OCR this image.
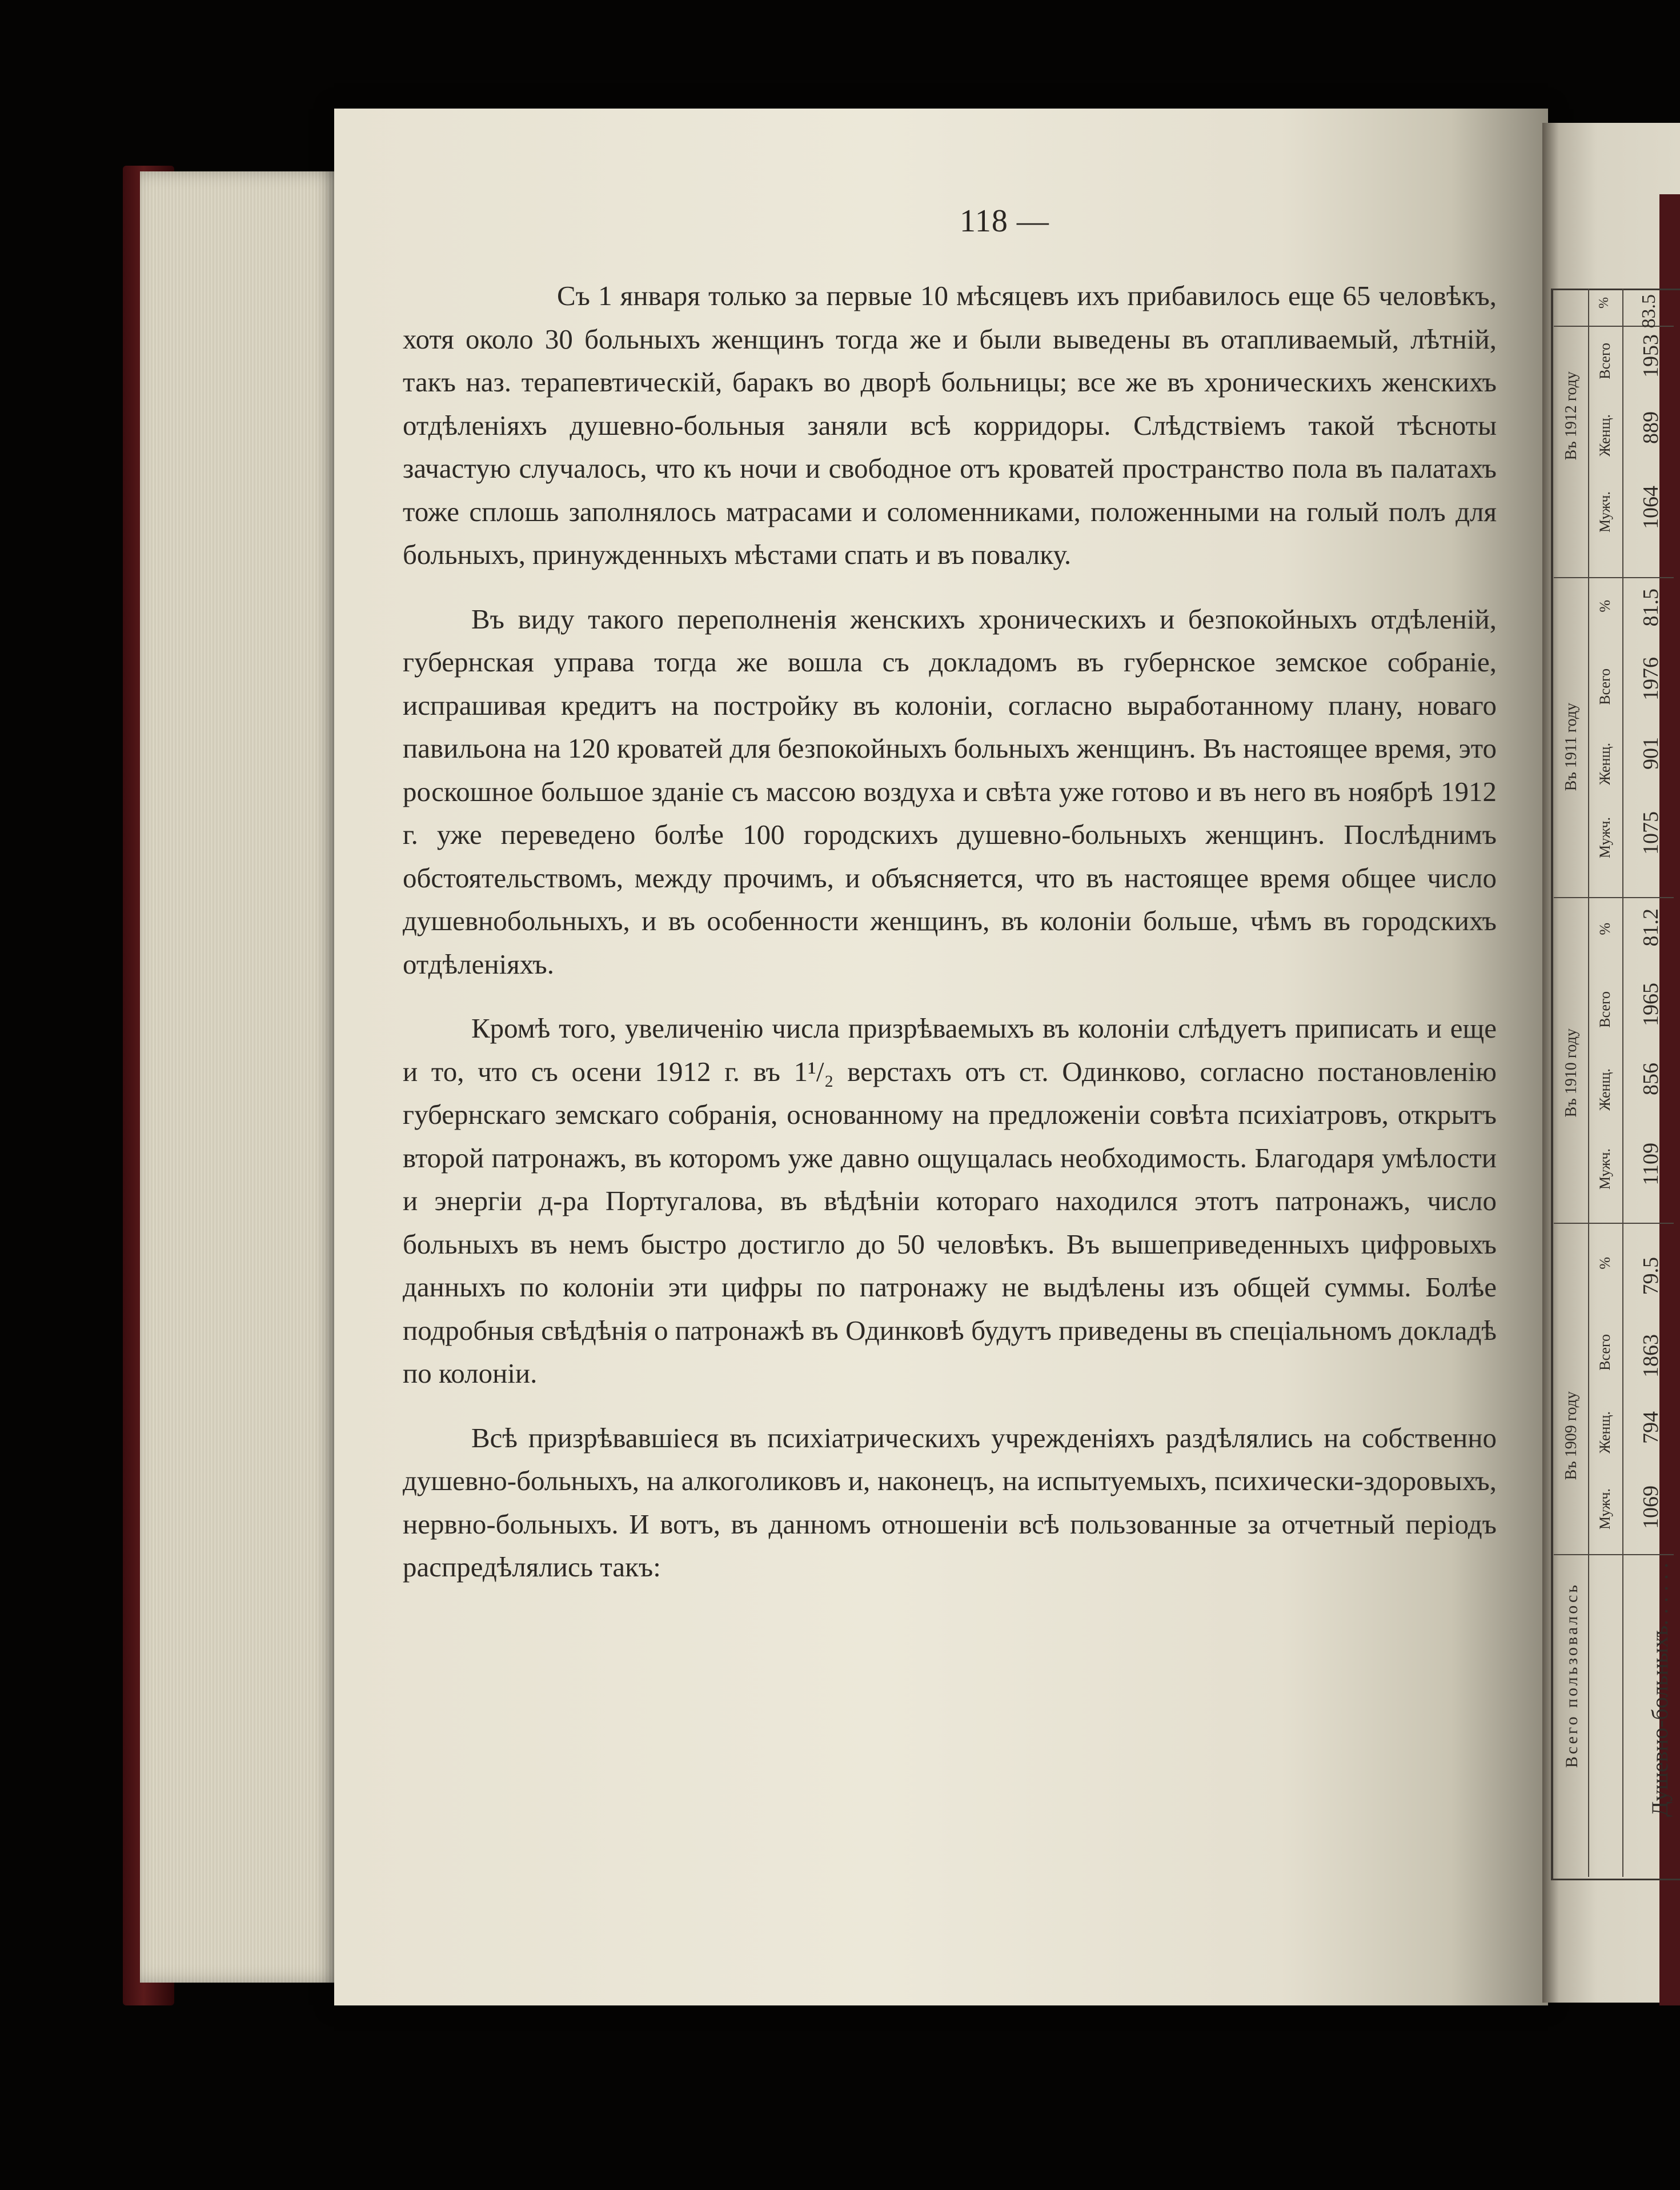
118 —

Съ 1 января только за первые 10 мѣсяцевъ ихъ прибавилось еще 65 человѣкъ, хотя около 30 больныхъ женщинъ тогда же и были выведены въ отапливаемый, лѣтній, такъ наз. терапевтическій, баракъ во дворѣ больницы; все же въ хроническихъ женскихъ отдѣленіяхъ душевно-больныя заняли всѣ корридоры. Слѣдствіемъ такой тѣсноты зачастую случалось, что къ ночи и свободное отъ кроватей пространство пола въ палатахъ тоже сплошь заполнялось матрасами и соломенниками, положенными на голый полъ для больныхъ, принужденныхъ мѣстами спать и въ повалку.

Въ виду такого переполненія женскихъ хроническихъ и безпокойныхъ отдѣленій, губернская управа тогда же вошла съ докладомъ въ губернское земское собраніе, испрашивая кредитъ на постройку въ колоніи, согласно выработанному плану, новаго павильона на 120 кроватей для безпокойныхъ больныхъ женщинъ. Въ настоящее время, это роскошное большое зданіе съ массою воздуха и свѣта уже готово и въ него въ ноябрѣ 1912 г. уже переведено болѣе 100 городскихъ душевно-больныхъ женщинъ. Послѣднимъ обстоятельствомъ, между прочимъ, и объясняется, что въ настоящее время общее число душевнобольныхъ, и въ особенности женщинъ, въ колоніи больше, чѣмъ въ городскихъ отдѣленіяхъ.

Кромѣ того, увеличенію числа призрѣваемыхъ въ колоніи слѣдуетъ приписать и еще и то, что съ осени 1912 г. въ 1¹/₂ верстахъ отъ ст. Одинково, согласно постановленію губернскаго земскаго собранія, основанному на предложеніи совѣта психіатровъ, открытъ второй патронажъ, въ которомъ уже давно ощущалась необходимость. Благодаря умѣлости и энергіи д-ра Португалова, въ вѣдѣніи котораго находился этотъ патронажъ, число больныхъ въ немъ быстро достигло до 50 человѣкъ. Въ вышеприведенныхъ цифровыхъ данныхъ по колоніи эти цифры по патронажу не выдѣлены изъ общей суммы. Болѣе подробныя свѣдѣнія о патронажѣ въ Одинковѣ будутъ приведены въ спеціальномъ докладѣ по колоніи.

Всѣ призрѣвавшіеся въ психіатрическихъ учрежденіяхъ раздѣлялись на собственно душевно-больныхъ, на алкоголиковъ и, наконецъ, на испытуемыхъ, психически-здоровыхъ, нервно-больныхъ. И вотъ, въ данномъ отношеніи всѣ пользованные за отчетный періодъ распредѣлялись такъ:

Всего пользовалось	Душевно-больныхъ. . . . . .
Въ 1909 году
Мужч.
Женщ.
Всего
%
1069
794
1863
79.5
Въ 1910 году
Мужч.
Женщ.
Всего
%
1109
856
1965
81.2
Въ 1911 году
Мужч.
Женщ.
Всего
%
1075
901
1976
81.5
Въ 1912 году
Мужч.
Женщ.
Всего
%
1064
889
1953
83.5
